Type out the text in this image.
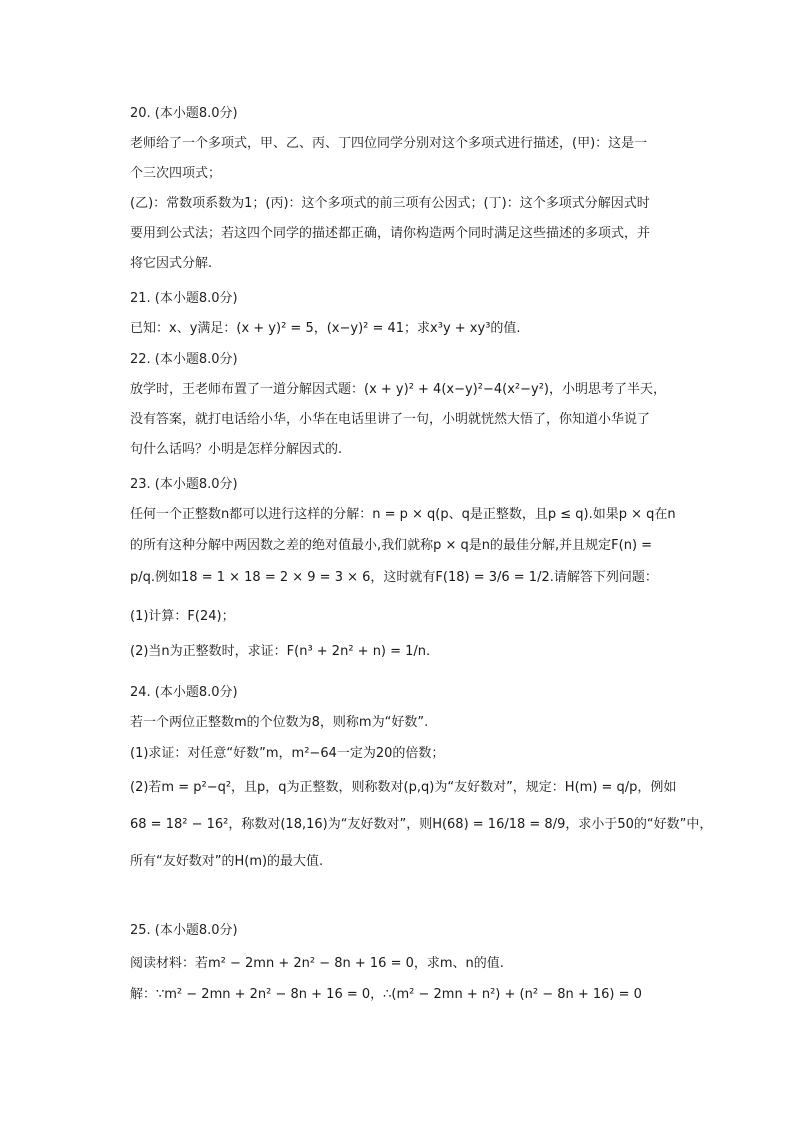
20. (本小题8.0分)
老师给了一个多项式，甲、乙、丙、丁四位同学分别对这个多项式进行描述，(甲)：这是一
个三次四项式；
(乙)：常数项系数为1；(丙)：这个多项式的前三项有公因式；(丁)：这个多项式分解因式时
要用到公式法；若这四个同学的描述都正确，请你构造两个同时满足这些描述的多项式，并
将它因式分解.
21. (本小题8.0分)
已知：x、y满足：(x + y)² = 5，(x−y)² = 41；求x³y + xy³的值.
22. (本小题8.0分)
放学时，王老师布置了一道分解因式题：(x + y)² + 4(x−y)²−4(x²−y²)，小明思考了半天，
没有答案，就打电话给小华，小华在电话里讲了一句，小明就恍然大悟了，你知道小华说了
句什么话吗？小明是怎样分解因式的.
23. (本小题8.0分)
任何一个正整数n都可以进行这样的分解：n = p × q(p、q是正整数，且p ≤ q).如果p × q在n
的所有这种分解中两因数之差的绝对值最小,我们就称p × q是n的最佳分解,并且规定F(n) =
p/q.例如18 = 1 × 18 = 2 × 9 = 3 × 6，这时就有F(18) = 3/6 = 1/2.请解答下列问题：
(1)计算：F(24)；
(2)当n为正整数时，求证：F(n³ + 2n² + n) = 1/n.
24. (本小题8.0分)
若一个两位正整数m的个位数为8，则称m为“好数”.
(1)求证：对任意“好数”m，m²−64一定为20的倍数；
(2)若m = p²−q²，且p，q为正整数，则称数对(p,q)为“友好数对”，规定：H(m) = q/p，例如
68 = 18² − 16²，称数对(18,16)为“友好数对”，则H(68) = 16/18 = 8/9，求小于50的“好数”中，
所有“友好数对”的H(m)的最大值.
25. (本小题8.0分)
阅读材料：若m² − 2mn + 2n² − 8n + 16 = 0，求m、n的值.
解：∵m² − 2mn + 2n² − 8n + 16 = 0，∴(m² − 2mn + n²) + (n² − 8n + 16) = 0
